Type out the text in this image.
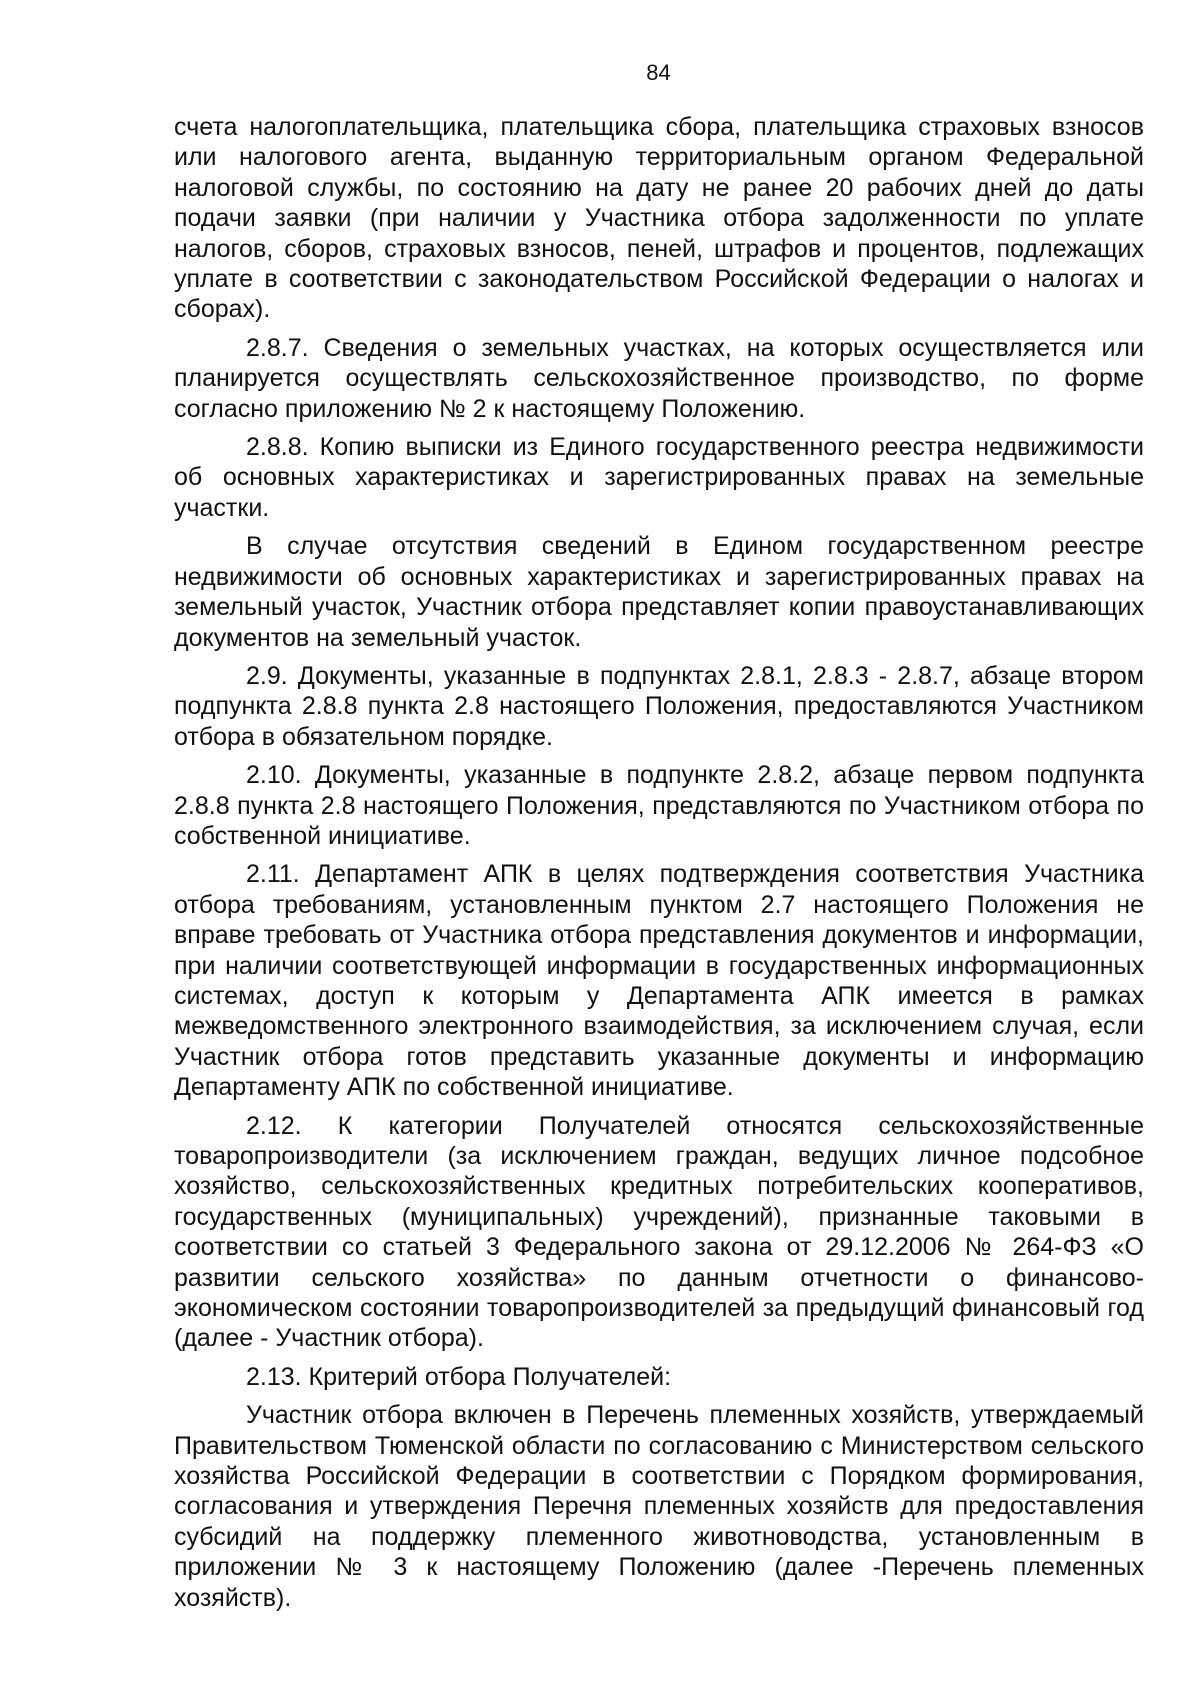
84

счета налогоплательщика, плательщика сбора, плательщика страховых взносов или налогового агента, выданную территориальным органом Федеральной налоговой службы, по состоянию на дату не ранее 20 рабочих дней до даты подачи заявки (при наличии у Участника отбора задолженности по уплате налогов, сборов, страховых взносов, пеней, штрафов и процентов, подлежащих уплате в соответствии с законодательством Российской Федерации о налогах и сборах).

2.8.7. Сведения о земельных участках, на которых осуществляется или планируется осуществлять сельскохозяйственное производство, по форме согласно приложению № 2 к настоящему Положению.

2.8.8. Копию выписки из Единого государственного реестра недвижимости об основных характеристиках и зарегистрированных правах на земельные участки.

В случае отсутствия сведений в Едином государственном реестре недвижимости об основных характеристиках и зарегистрированных правах на земельный участок, Участник отбора представляет копии правоустанавливающих документов на земельный участок.

2.9. Документы, указанные в подпунктах 2.8.1, 2.8.3 - 2.8.7, абзаце втором подпункта 2.8.8 пункта 2.8 настоящего Положения, предоставляются Участником отбора в обязательном порядке.

2.10. Документы, указанные в подпункте 2.8.2, абзаце первом подпункта 2.8.8 пункта 2.8 настоящего Положения, представляются по Участником отбора по собственной инициативе.

2.11. Департамент АПК в целях подтверждения соответствия Участника отбора требованиям, установленным пунктом 2.7 настоящего Положения не вправе требовать от Участника отбора представления документов и информации, при наличии соответствующей информации в государственных информационных системах, доступ к которым у Департамента АПК имеется в рамках межведомственного электронного взаимодействия, за исключением случая, если Участник отбора готов представить указанные документы и информацию Департаменту АПК по собственной инициативе.

2.12. К категории Получателей относятся сельскохозяйственные товаропроизводители (за исключением граждан, ведущих личное подсобное хозяйство, сельскохозяйственных кредитных потребительских кооперативов, государственных (муниципальных) учреждений), признанные таковыми в соответствии со статьей 3 Федерального закона от 29.12.2006 № 264-ФЗ «О развитии сельского хозяйства» по данным отчетности о финансово-экономическом состоянии товаропроизводителей за предыдущий финансовый год (далее - Участник отбора).

2.13. Критерий отбора Получателей:

Участник отбора включен в Перечень племенных хозяйств, утверждаемый Правительством Тюменской области по согласованию с Министерством сельского хозяйства Российской Федерации в соответствии с Порядком формирования, согласования и утверждения Перечня племенных хозяйств для предоставления субсидий на поддержку племенного животноводства, установленным в приложении № 3 к настоящему Положению (далее -Перечень племенных хозяйств).
